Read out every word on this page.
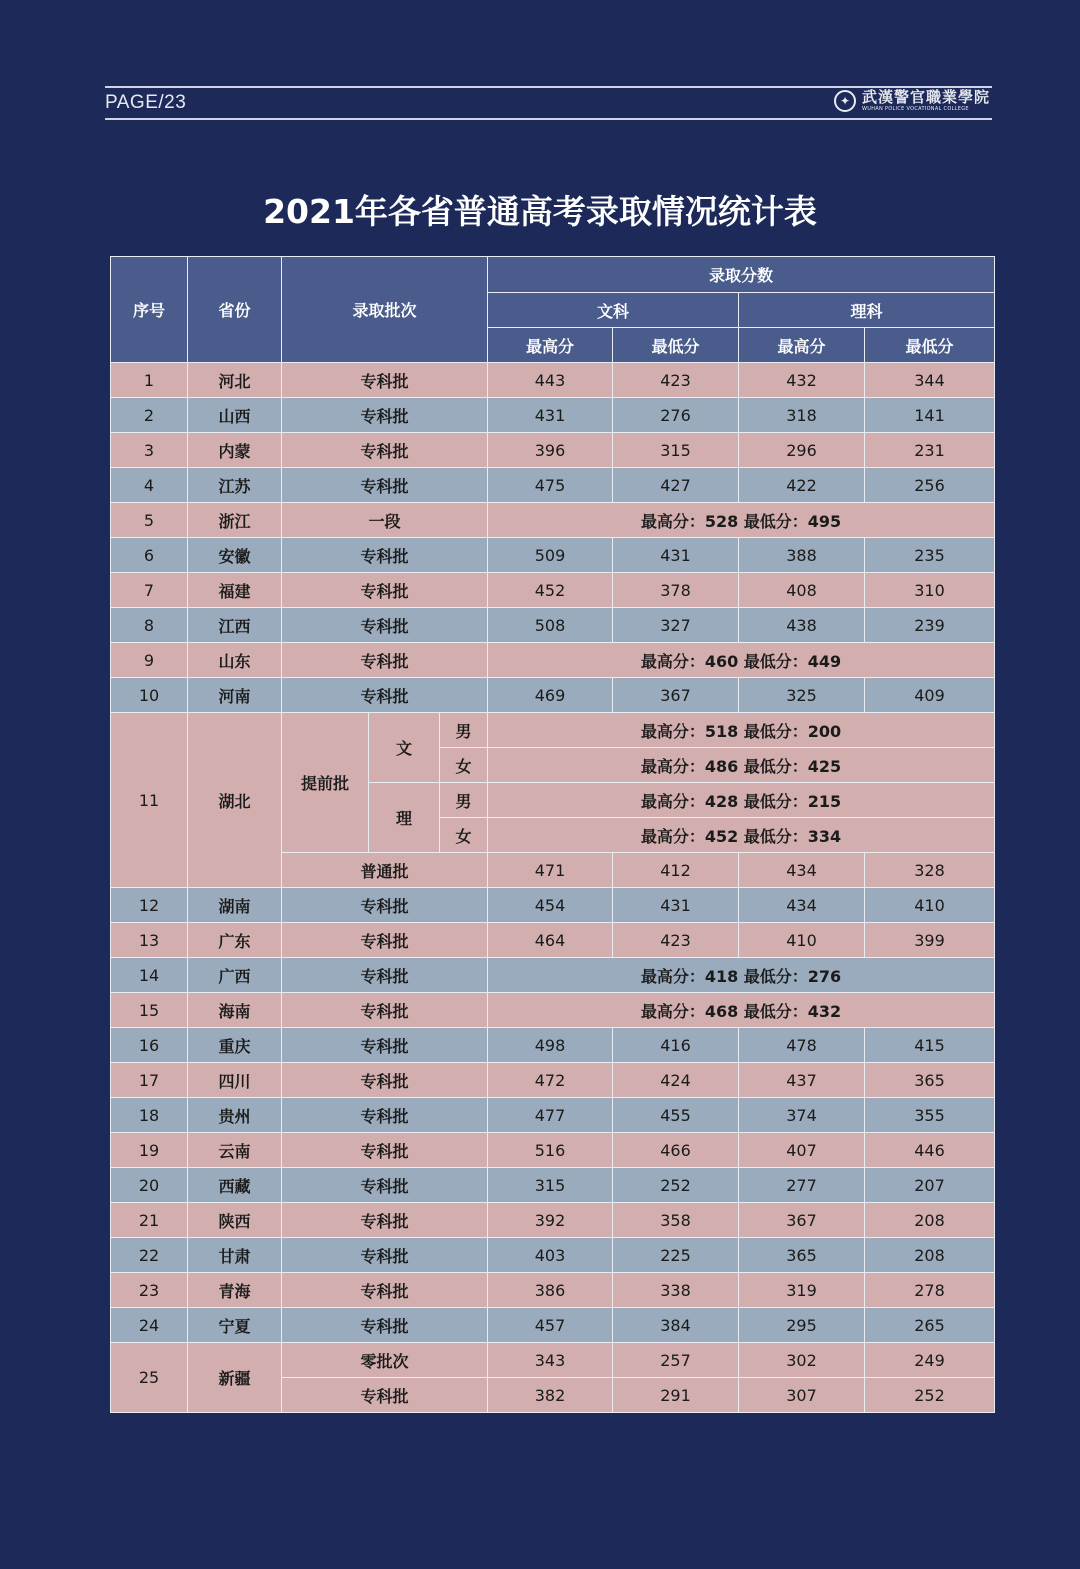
PAGE/23	✦ 武漢警官職業學院
WUHAN POLICE VOCATIONAL COLLEGE
2021年各省普通高考录取情况统计表
序号	省份	录取批次			录取分数			
					文科		理科	
					最高分	最低分	最高分	最低分
1	河北	专科批			443	423	432	344
2	山西	专科批			431	276	318	141
3	内蒙	专科批			396	315	296	231
4	江苏	专科批			475	427	422	256
5	浙江	一段			最高分：528 最低分：495			
6	安徽	专科批			509	431	388	235
7	福建	专科批			452	378	408	310
8	江西	专科批			508	327	438	239
9	山东	专科批			最高分：460 最低分：449			
10	河南	专科批			469	367	325	409
11	湖北	提前批	文	男	最高分：518 最低分：200			
				女	最高分：486 最低分：425			
			理	男	最高分：428 最低分：215			
				女	最高分：452 最低分：334			
		普通批			471	412	434	328
12	湖南	专科批			454	431	434	410
13	广东	专科批			464	423	410	399
14	广西	专科批			最高分：418 最低分：276			
15	海南	专科批			最高分：468 最低分：432			
16	重庆	专科批			498	416	478	415
17	四川	专科批			472	424	437	365
18	贵州	专科批			477	455	374	355
19	云南	专科批			516	466	407	446
20	西藏	专科批			315	252	277	207
21	陕西	专科批			392	358	367	208
22	甘肃	专科批			403	225	365	208
23	青海	专科批			386	338	319	278
24	宁夏	专科批			457	384	295	265
25	新疆	零批次			343	257	302	249
		专科批			382	291	307	252
